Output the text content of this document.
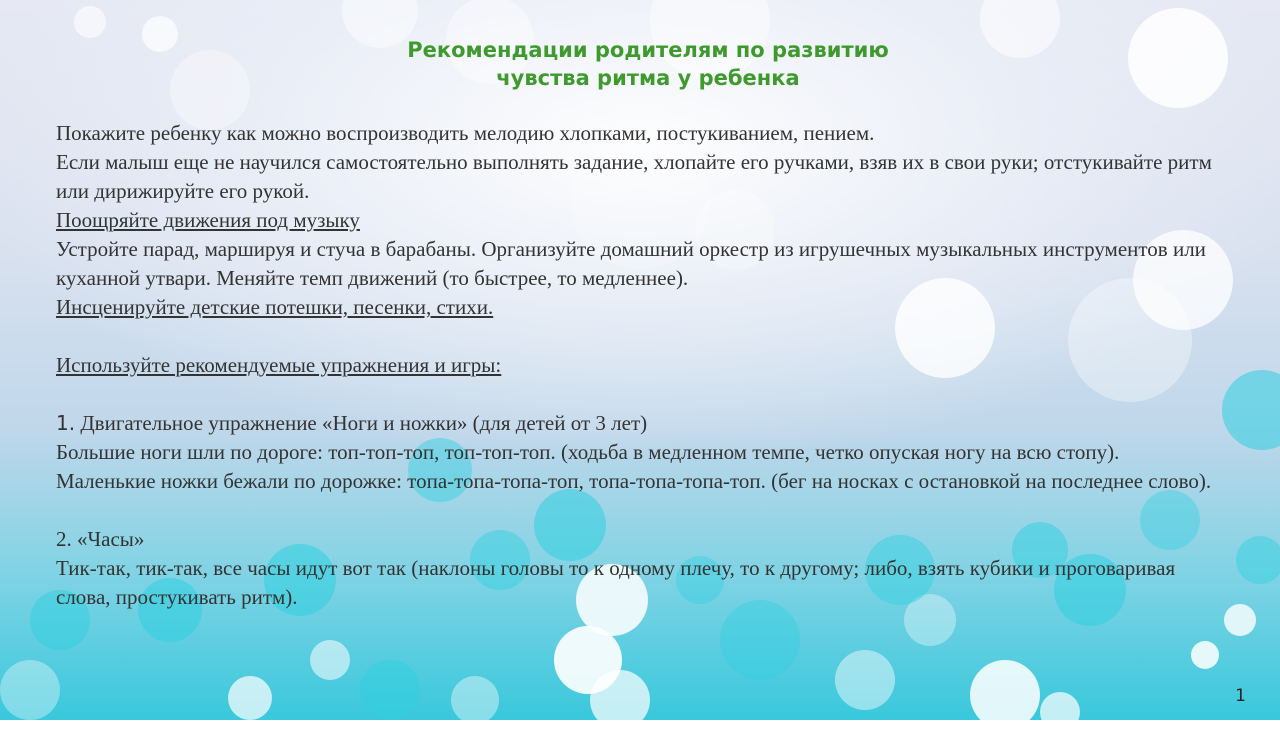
Рекомендации родителям по развитию
чувства ритма у ребенка

Покажите ребенку как можно воспроизводить мелодию хлопками, постукиванием, пением.

Если малыш еще не научился самостоятельно выполнять задание, хлопайте его ручками, взяв их в свои руки; отстукивайте ритм или дирижируйте его рукой.

Поощряйте движения под музыку

Устройте парад, маршируя и стуча в барабаны. Организуйте домашний оркестр из игрушечных музыкальных инструментов или куханной утвари. Меняйте темп движений (то быстрее, то медленнее).

Инсценируйте детские потешки, песенки, стихи.

Используйте рекомендуемые упражнения и игры:

1. Двигательное упражнение «Ноги и ножки» (для детей от 3 лет)

Большие ноги шли по дороге: топ-топ-топ, топ-топ-топ. (ходьба в медленном темпе, четко опуская ногу на всю стопу).

Маленькие ножки бежали по дорожке: топа-топа-топа-топ, топа-топа-топа-топ. (бег на носках с остановкой на последнее слово).

2. «Часы»

Тик-так, тик-так, все часы идут вот так (наклоны головы то к одному плечу, то к другому; либо, взять кубики и проговаривая слова, простукивать ритм).

1
